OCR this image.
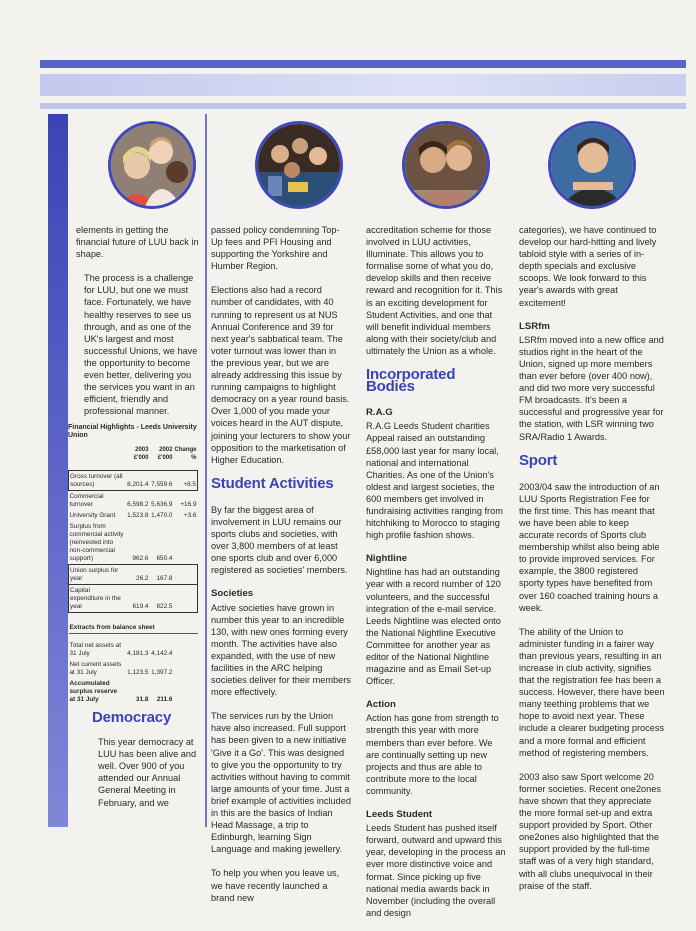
elements in getting the financial future of LUU back in shape.

The process is a challenge for LUU, but one we must face. Fortunately, we have healthy reserves to see us through, and as one of the UK's largest and most successful Unions, we have the opportunity to become even better, delivering you the services you want in an efficient, friendly and professional manner.

Financial Highlights - Leeds University Union
	2003 £'000	2002 £'000	Change %

Gross turnover (all sources)	8,201.4	7,559.6	+8.5
Commercial turnover	6,598.2	5,636.9	+16.9
University Grant	1,523.8	1,470.0	+3.6
Surplus from commercial activity (reinvested into non-commercial support)	962.6	650.4	
Union surplus for year	26.2	167.8	
Capital expenditure in the year	619.4	822.5	

Extracts from balance sheet			

Total net assets at 31 July	4,181.3	4,142.4	
Net current assets at 31 July	1,123.5	1,397.2	
Accumulated surplus reserve at 31 July	31.8	211.6	
Democracy

This year democracy at LUU has been alive and well. Over 900 of you attended our Annual General Meeting in February, and we

passed policy condemning Top-Up fees and PFI Housing and supporting the Yorkshire and Humber Region.

Elections also had a record number of candidates, with 40 running to represent us at NUS Annual Conference and 39 for next year's sabbatical team. The voter turnout was lower than in the previous year, but we are already addressing this issue by running campaigns to highlight democracy on a year round basis. Over 1,000 of you made your voices heard in the AUT dispute, joining your lecturers to show your opposition to the marketisation of Higher Education.

Student Activities

By far the biggest area of involvement in LUU remains our sports clubs and societies, with over 3,800 members of at least one sports club and over 6,000 registered as societies' members.

Societies

Active societies have grown in number this year to an incredible 130, with new ones forming every month. The activities have also expanded, with the use of new facilities in the ARC helping societies deliver for their members more effectively.

The services run by the Union have also increased. Full support has been given to a new initiative 'Give it a Go'. This was designed to give you the opportunity to try activities without having to commit large amounts of your time. Just a brief example of activities included in this are the basics of Indian Head Massage, a trip to Edinburgh, learning Sign Language and making jewellery.

To help you when you leave us, we have recently launched a brand new

accreditation scheme for those involved in LUU activities, Illuminate. This allows you to formalise some of what you do, develop skills and then receive reward and recognition for it. This is an exciting development for Student Activities, and one that will benefit individual members along with their society/club and ultimately the Union as a whole.

Incorporated Bodies
R.A.G

R.A.G Leeds Student charities Appeal raised an outstanding £58,000 last year for many local, national and international Charities. As one of the Union's oldest and largest societies, the 600 members get involved in fundraising activities ranging from hitchhiking to Morocco to staging high profile fashion shows.

Nightline

Nightline has had an outstanding year with a record number of 120 volunteers, and the successful integration of the e-mail service. Leeds Nightline was elected onto the National Nightline Executive Committee for another year as editor of the National Nightline magazine and as Email Set-up Officer.

Action

Action has gone from strength to strength this year with more members than ever before. We are continually setting up new projects and thus are able to contribute more to the local community.

Leeds Student

Leeds Student has pushed itself forward, outward and upward this year, developing in the process an ever more distinctive voice and format. Since picking up five national media awards back in November (including the overall and design

categories), we have continued to develop our hard-hitting and lively tabloid style with a series of in-depth specials and exclusive scoops. We look forward to this year's awards with great excitement!

LSRfm

LSRfm moved into a new office and studios right in the heart of the Union, signed up more members than ever before (over 400 now), and did two more very successful FM broadcasts. It's been a successful and progressive year for the station, with LSR winning two SRA/Radio 1 Awards.

Sport

2003/04 saw the introduction of an LUU Sports Registration Fee for the first time. This has meant that we have been able to keep accurate records of Sports club membership whilst also being able to provide improved services. For example, the 3800 registered sporty types have benefited from over 160 coached training hours a week.

The ability of the Union to administer funding in a fairer way than previous years, resulting in an increase in club activity, signifies that the registration fee has been a success. However, there have been many teething problems that we hope to avoid next year. These include a clearer budgeting process and a more formal and efficient method of registering members.

2003 also saw Sport welcome 20 former societies. Recent one2ones have shown that they appreciate the more formal set-up and extra support provided by Sport. Other one2ones also highlighted that the support provided by the full-time staff was of a very high standard, with all clubs unequivocal in their praise of the staff.
